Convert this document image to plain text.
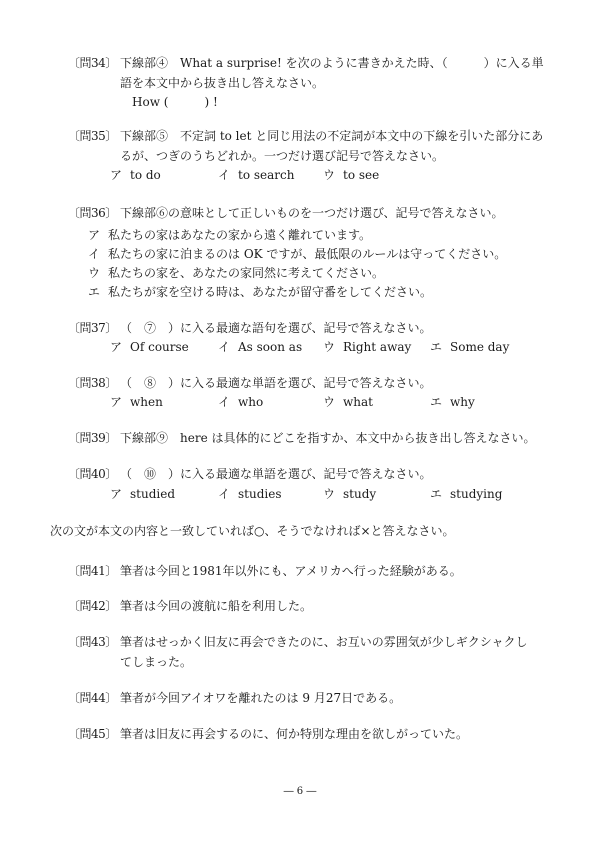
〔問34〕 下線部④　What a surprise! を次のように書きかえた時、（　　　）に入る単
語を本文中から抜き出し答えなさい。
How (　　　) !
〔問35〕 下線部⑤　不定詞 to let と同じ用法の不定詞が本文中の下線を引いた部分にあ
るが、つぎのうちどれか。一つだけ選び記号で答えなさい。
ア to do	イ to search ウ to see
〔問36〕 下線部⑥の意味として正しいものを一つだけ選び、記号で答えなさい。
ア 私たちの家はあなたの家から遠く離れています。
イ 私たちの家に泊まるのは OK ですが、最低限のルールは守ってください。
ウ 私たちの家を、あなたの家同然に考えてください。
エ 私たちが家を空ける時は、あなたが留守番をしてください。
〔問37〕 （　⑦　）に入る最適な語句を選び、記号で答えなさい。
ア Of course イ As soon as ウ Right away エ Some day
〔問38〕 （　⑧　）に入る最適な単語を選び、記号で答えなさい。
ア when	イ who	ウ what	エ why
〔問39〕 下線部⑨　here は具体的にどこを指すか、本文中から抜き出し答えなさい。
〔問40〕 （　⑩　）に入る最適な単語を選び、記号で答えなさい。
ア studied	イ studies	ウ study	エ studying
次の文が本文の内容と一致していれば○、そうでなければ×と答えなさい。
〔問41〕 筆者は今回と1981年以外にも、アメリカへ行った経験がある。
〔問42〕 筆者は今回の渡航に船を利用した。
〔問43〕 筆者はせっかく旧友に再会できたのに、お互いの雰囲気が少しギクシャクし
てしまった。
〔問44〕 筆者が今回アイオワを離れたのは 9 月27日である。
〔問45〕 筆者は旧友に再会するのに、何か特別な理由を欲しがっていた。
― 6 ―
